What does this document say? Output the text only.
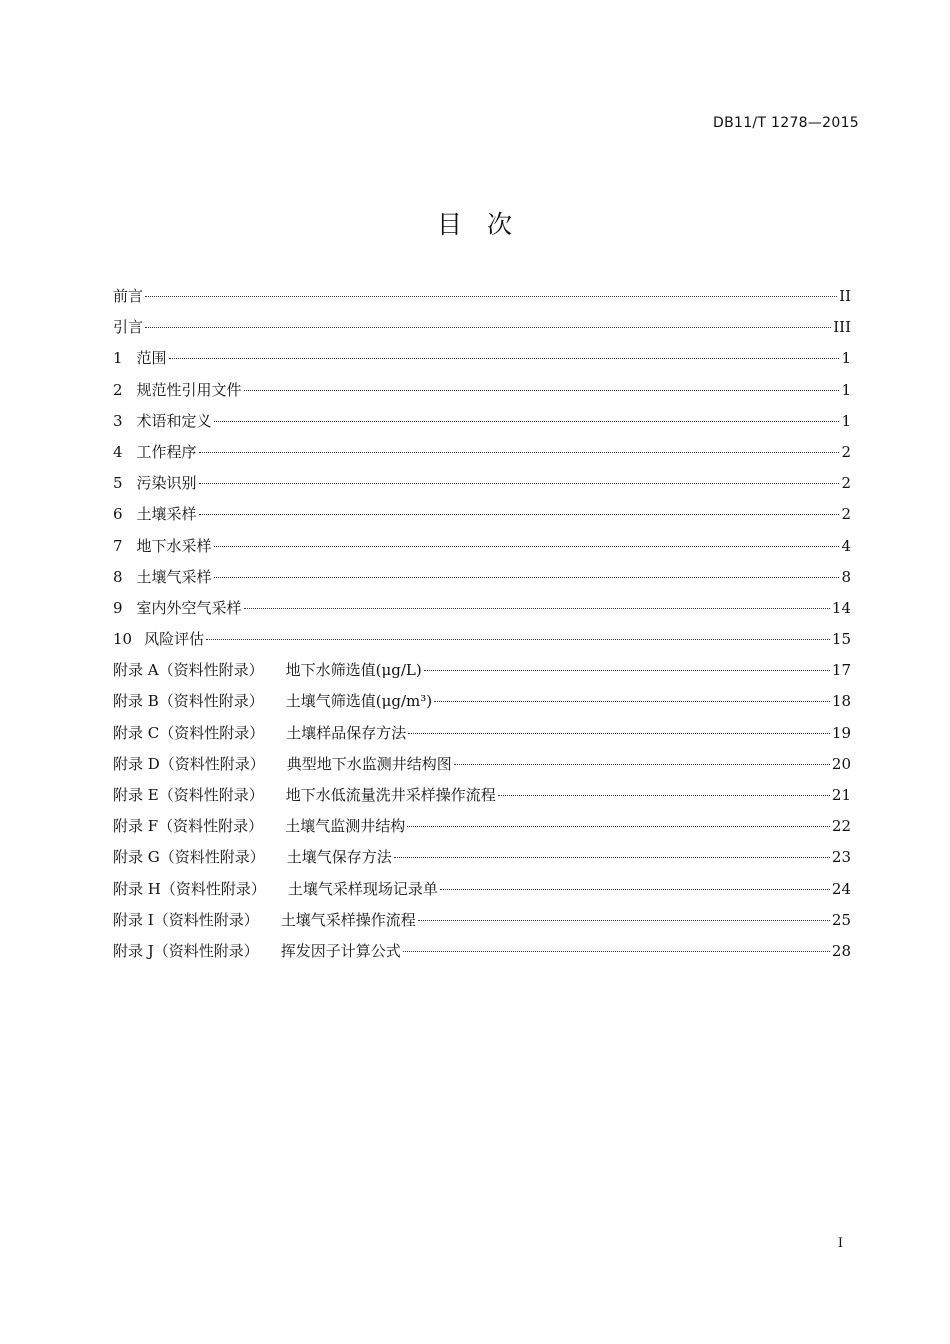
DB11/T 1278—2015
目 次
前言	II
引言	III
1 范围	1
2 规范性引用文件	1
3 术语和定义	1
4 工作程序	2
5 污染识别	2
6 土壤采样	2
7 地下水采样	4
8 土壤气采样	8
9 室内外空气采样	14
10 风险评估	15
附录 A（资料性附录）	地下水筛选值(μg/L)	17
附录 B（资料性附录）	土壤气筛选值(μg/m³)	18
附录 C（资料性附录）	土壤样品保存方法	19
附录 D（资料性附录）	典型地下水监测井结构图	20
附录 E（资料性附录）	地下水低流量洗井采样操作流程	21
附录 F（资料性附录）	土壤气监测井结构	22
附录 G（资料性附录）	土壤气保存方法	23
附录 H（资料性附录）	土壤气采样现场记录单	24
附录 I（资料性附录）	土壤气采样操作流程	25
附录 J（资料性附录）	挥发因子计算公式	28
I
